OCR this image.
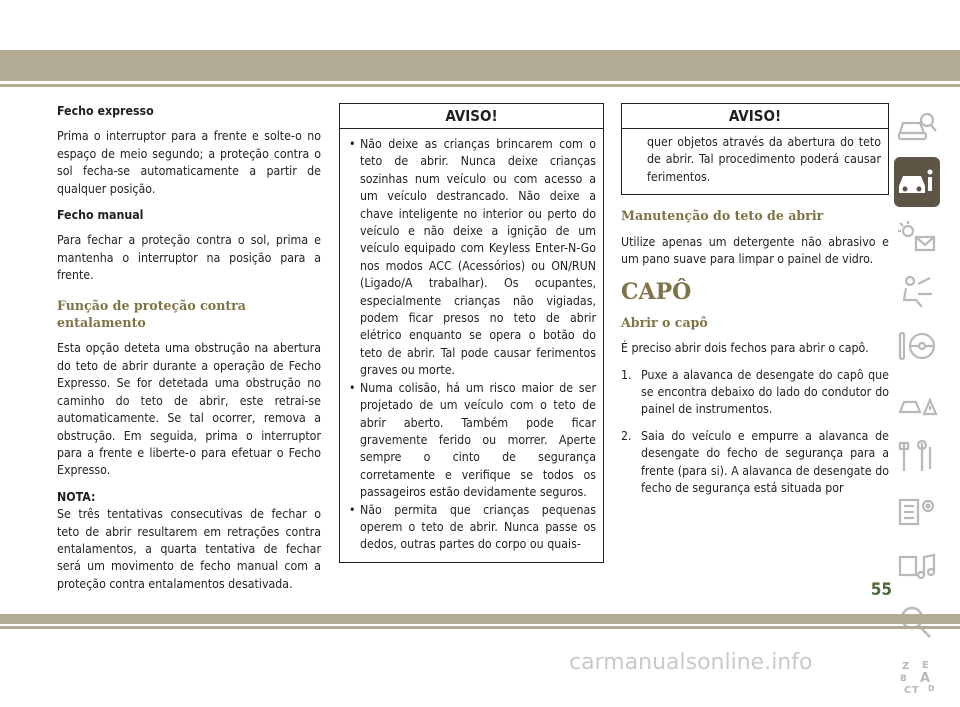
Fecho expresso

Prima o interruptor para a frente e solte-o no espaço de meio segundo; a proteção contra o sol fecha-se automaticamente a partir de qualquer posição.

Fecho manual

Para fechar a proteção contra o sol, prima e mantenha o interruptor na posição para a frente.

Função de proteção contra entalamento

Esta opção deteta uma obstrução na abertura do teto de abrir durante a operação de Fecho Expresso. Se for detetada uma obstrução no caminho do teto de abrir, este retrai-se automaticamente. Se tal ocorrer, remova a obstrução. Em seguida, prima o interruptor para a frente e liberte-o para efetuar o Fecho Expresso.

NOTA:

Se três tentativas consecutivas de fechar o teto de abrir resultarem em retrações contra entalamentos, a quarta tentativa de fechar será um movimento de fecho manual com a proteção contra entalamentos desativada.

AVISO!

• Não deixe as crianças brincarem com o teto de abrir. Nunca deixe crianças sozinhas num veículo ou com acesso a um veículo destrancado. Não deixe a chave inteligente no interior ou perto do veículo e não deixe a ignição de um veículo equipado com Keyless Enter-N-Go nos modos ACC (Acessórios) ou ON/RUN (Ligado/A trabalhar). Os ocupantes, especialmente crianças não vigiadas, podem ficar presos no teto de abrir elétrico enquanto se opera o botão do teto de abrir. Tal pode causar ferimentos graves ou morte.

• Numa colisão, há um risco maior de ser projetado de um veículo com o teto de abrir aberto. Também pode ficar gravemente ferido ou morrer. Aperte sempre o cinto de segurança corretamente e verifique se todos os passageiros estão devidamente seguros.

• Não permita que crianças pequenas operem o teto de abrir. Nunca passe os dedos, outras partes do corpo ou quais-

AVISO!

quer objetos através da abertura do teto de abrir. Tal procedimento poderá causar ferimentos.

Manutenção do teto de abrir

Utilize apenas um detergente não abrasivo e um pano suave para limpar o painel de vidro.

CAPÔ

Abrir o capô

É preciso abrir dois fechos para abrir o capô.

1. Puxe a alavanca de desengate do capô que se encontra debaixo do lado do condutor do painel de instrumentos.
2. Saia do veículo e empurre a alavanca de desengate do fecho de segurança para a frente (para si). A alavanca de desengate do fecho de segurança está situada por
Z E
B A
C T D
55
carmanualsonline.info
